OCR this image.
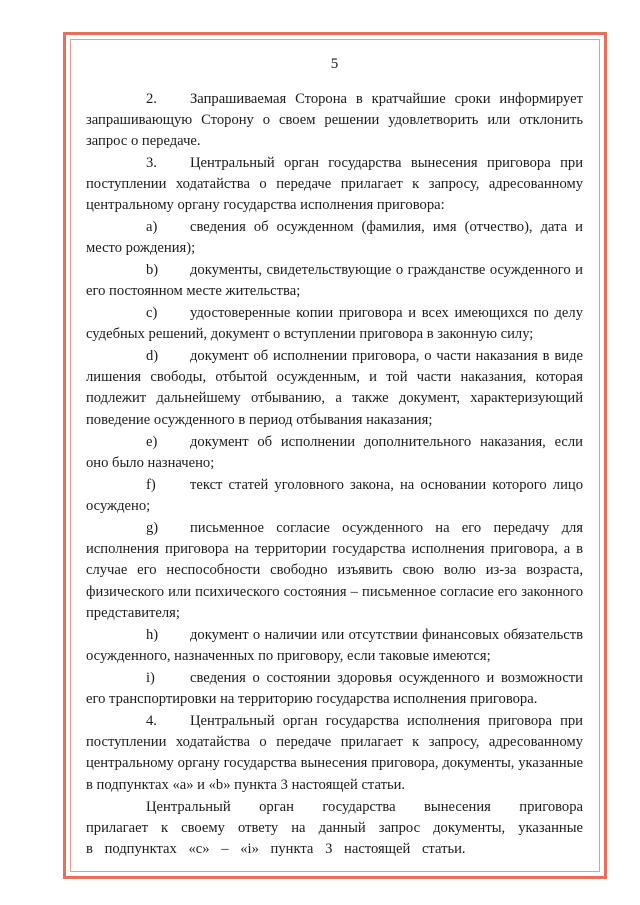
5

2. Запрашиваемая Сторона в кратчайшие сроки информирует запрашивающую Сторону о своем решении удовлетворить или отклонить запрос о передаче.

3. Центральный орган государства вынесения приговора при поступлении ходатайства о передаче прилагает к запросу, адресованному центральному органу государства исполнения приговора:

a) сведения об осужденном (фамилия, имя (отчество), дата и место рождения);

b) документы, свидетельствующие о гражданстве осужденного и его постоянном месте жительства;

c) удостоверенные копии приговора и всех имеющихся по делу судебных решений, документ о вступлении приговора в законную силу;

d) документ об исполнении приговора, о части наказания в виде лишения свободы, отбытой осужденным, и той части наказания, которая подлежит дальнейшему отбыванию, а также документ, характеризующий поведение осужденного в период отбывания наказания;

e) документ об исполнении дополнительного наказания, если оно было назначено;

f) текст статей уголовного закона, на основании которого лицо осуждено;

g) письменное согласие осужденного на его передачу для исполнения приговора на территории государства исполнения приговора, а в случае его неспособности свободно изъявить свою волю из-за возраста, физического или психического состояния – письменное согласие его законного представителя;

h) документ о наличии или отсутствии финансовых обязательств осужденного, назначенных по приговору, если таковые имеются;

i) сведения о состоянии здоровья осужденного и возможности его транспортировки на территорию государства исполнения приговора.

4. Центральный орган государства исполнения приговора при поступлении ходатайства о передаче прилагает к запросу, адресованному центральному органу государства вынесения приговора, документы, указанные в подпунктах «а» и «b» пункта 3 настоящей статьи.

Центральный орган государства вынесения приговора прилагает к своему ответу на данный запрос документы, указанные в подпунктах «с» – «i» пункта 3 настоящей статьи.
